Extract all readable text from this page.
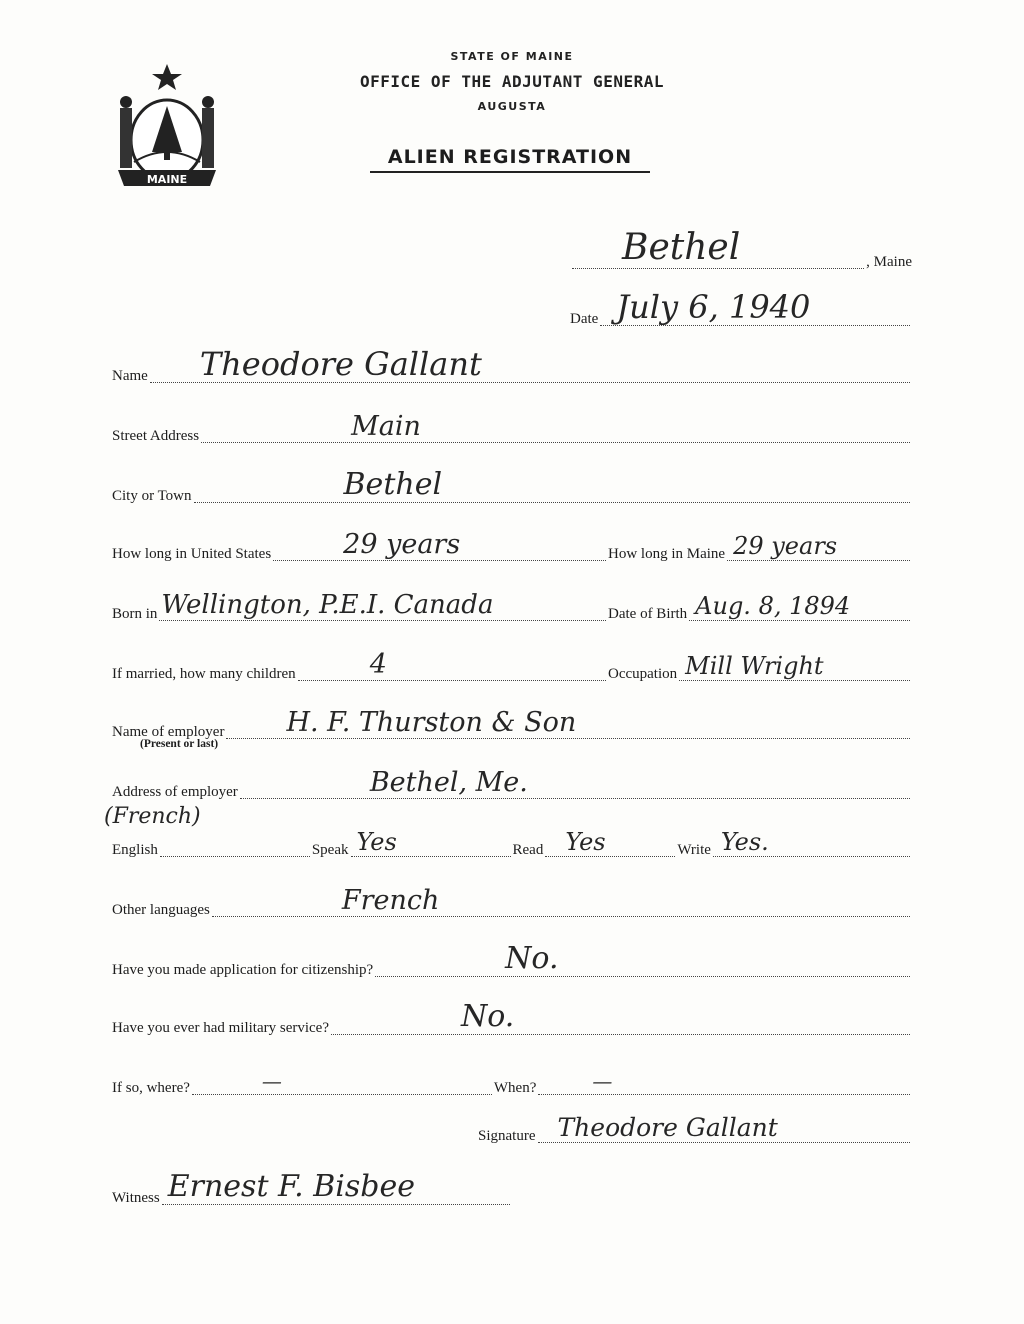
MAINE
STATE OF MAINE
OFFICE OF THE ADJUTANT GENERAL
AUGUSTA
ALIEN REGISTRATION
Bethel	, Maine
Date July 6, 1940
Name Theodore Gallant
Street Address	Main
City or Town	Bethel
How long in United States	29 years	How long in Maine 29 years
Born in Wellington, P.E.I. Canada	Date of Birth Aug. 8, 1894
If married, how many children	4	Occupation Mill Wright
Name of employer H. F. Thurston & Son
(Present or last)
Address of employer	Bethel, Me.
(French)
English	Speak Yes	Read Yes	Write Yes.
Other languages	French
Have you made application for citizenship?	No.
Have you ever had military service?	No.
If so, where?	—	When?	—
Signature Theodore Gallant
Witness Ernest F. Bisbee
